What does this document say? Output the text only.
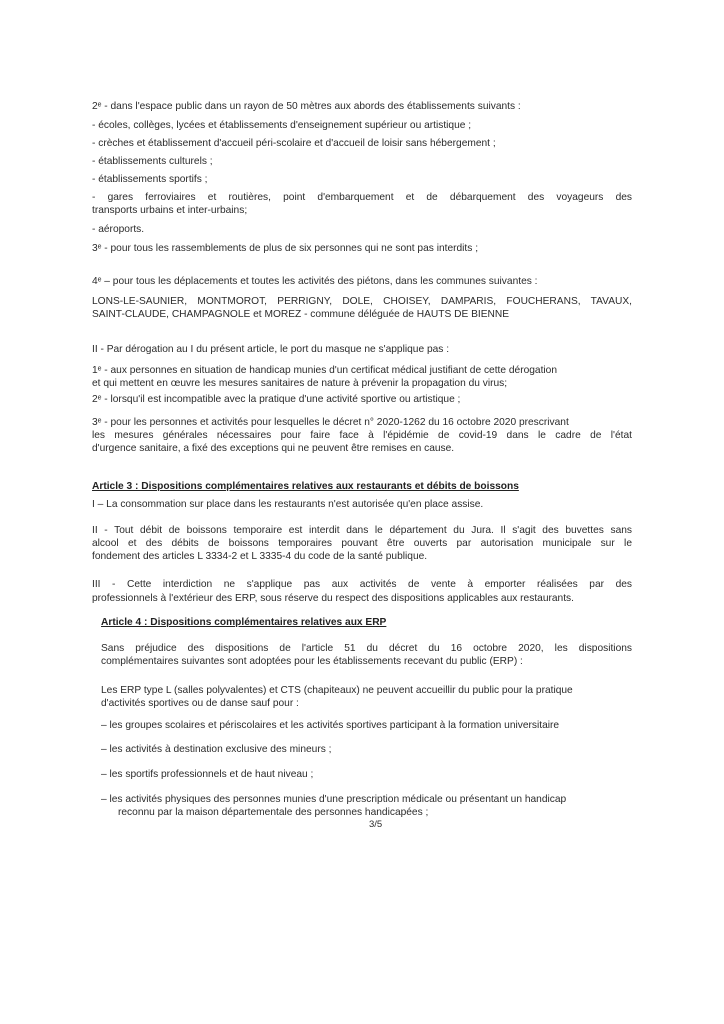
2ᵉ - dans l'espace public dans un rayon de 50 mètres aux abords des établissements suivants :

- écoles, collèges, lycées et établissements d'enseignement supérieur ou artistique ;

- crèches et établissement d'accueil péri-scolaire et d'accueil de loisir sans hébergement ;

- établissements culturels ;

- établissements sportifs ;

- gares ferroviaires et routières, point d'embarquement et de débarquement des voyageurs des

transports urbains et inter-urbains;

- aéroports.

3ᵉ - pour tous les rassemblements de plus de six personnes qui ne sont pas interdits ;

4ᵉ – pour tous les déplacements et toutes les activités des piétons, dans les communes suivantes :

LONS-LE-SAUNIER, MONTMOROT, PERRIGNY, DOLE, CHOISEY, DAMPARIS, FOUCHERANS, TAVAUX,

SAINT-CLAUDE, CHAMPAGNOLE et MOREZ - commune déléguée de HAUTS DE BIENNE

II - Par dérogation au I du présent article, le port du masque ne s'applique pas :

1ᵉ - aux personnes en situation de handicap munies d'un certificat médical justifiant de cette dérogation

et qui mettent en œuvre les mesures sanitaires de nature à prévenir la propagation du virus;

2ᵉ - lorsqu'il est incompatible avec la pratique d'une activité sportive ou artistique ;

3ᵉ - pour les personnes et activités pour lesquelles le décret n° 2020-1262 du 16 octobre 2020 prescrivant

les mesures générales nécessaires pour faire face à l'épidémie de covid-19 dans le cadre de l'état

d'urgence sanitaire, a fixé des exceptions qui ne peuvent être remises en cause.

Article 3 : Dispositions complémentaires relatives aux restaurants et débits de boissons

I – La consommation sur place dans les restaurants n'est autorisée qu'en place assise.

II - Tout débit de boissons temporaire est interdit dans le département du Jura. Il s'agit des buvettes sans

alcool et des débits de boissons temporaires pouvant être ouverts par autorisation municipale sur le

fondement des articles L 3334-2 et L 3335-4 du code de la santé publique.

III - Cette interdiction ne s'applique pas aux activités de vente à emporter réalisées par des

professionnels à l'extérieur des ERP, sous réserve du respect des dispositions applicables aux restaurants.

Article 4 : Dispositions complémentaires relatives aux ERP

Sans préjudice des dispositions de l'article 51 du décret du 16 octobre 2020, les dispositions

complémentaires suivantes sont adoptées pour les établissements recevant du public (ERP) :

Les ERP type L (salles polyvalentes) et CTS (chapiteaux) ne peuvent accueillir du public pour la pratique

d'activités sportives ou de danse sauf pour :

– les groupes scolaires et périscolaires et les activités sportives participant à la formation universitaire

– les activités à destination exclusive des mineurs ;

– les sportifs professionnels et de haut niveau ;

– les activités physiques des personnes munies d'une prescription médicale ou présentant un handicap

reconnu par la maison départementale des personnes handicapées ;

3/5
